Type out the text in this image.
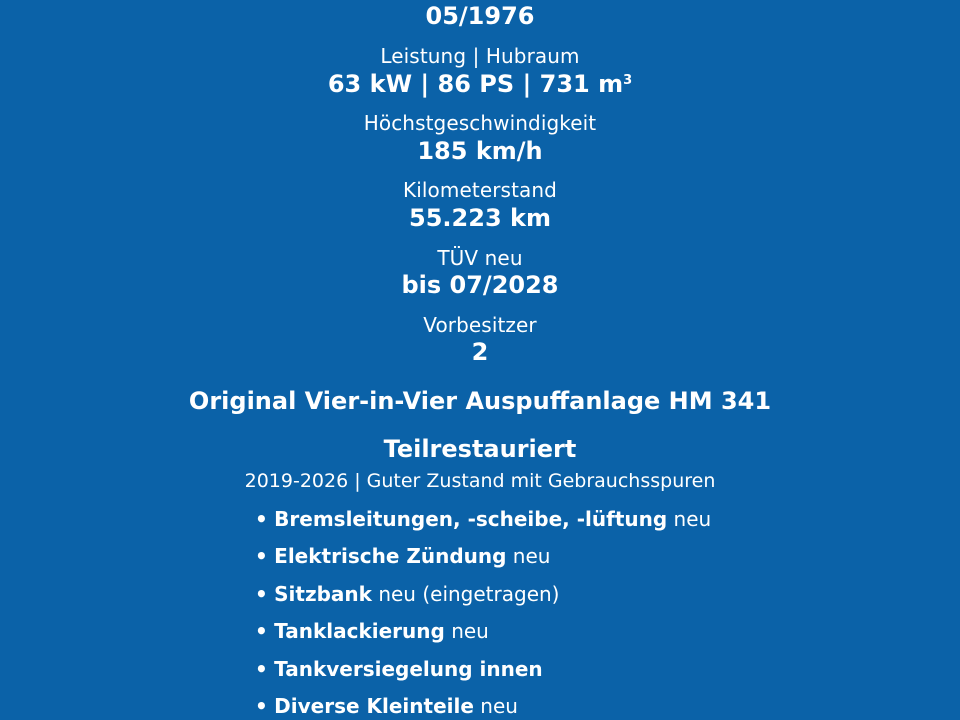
05/1976
Leistung | Hubraum
63 kW | 86 PS | 731 $m^3$
Höchstgeschwindigkeit
185 km/h
Kilometerstand
55.223 km
TÜV neu
bis 07/2028
Vorbesitzer
2
Original Vier-in-Vier Auspuffanlage HM 341
Teilrestauriert
2019-2026 | Guter Zustand mit Gebrauchsspuren
• Bremsleitungen, -scheibe, -lüftung neu
• Elektrische Zündung neu
• Sitzbank neu (eingetragen)
• Tanklackierung neu
• Tankversiegelung innen
• Diverse Kleinteile neu
